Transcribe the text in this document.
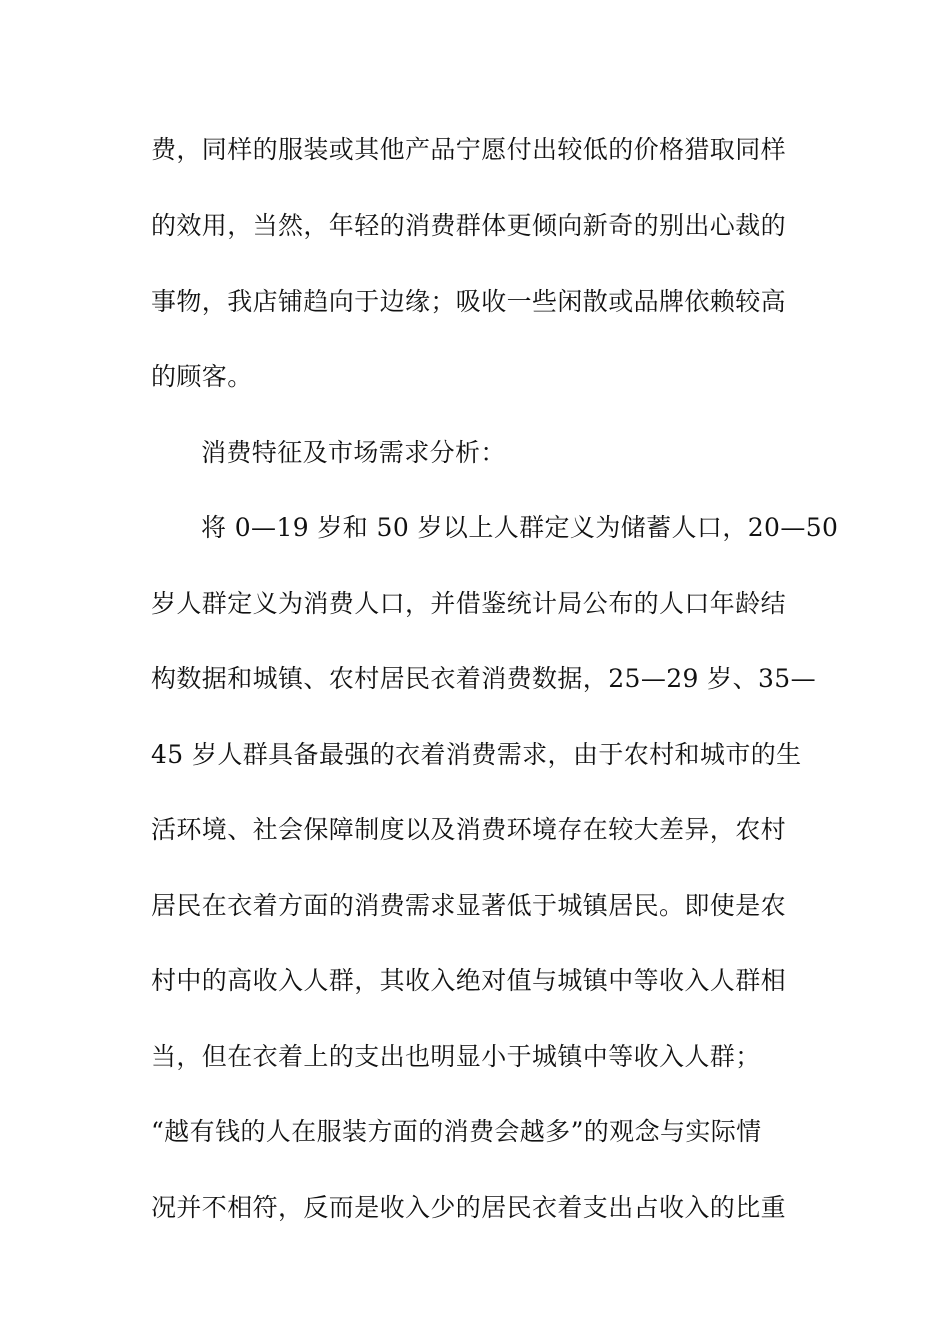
费，同样的服装或其他产品宁愿付出较低的价格猎取同样
的效用，当然，年轻的消费群体更倾向新奇的别出心裁的
事物，我店铺趋向于边缘；吸收一些闲散或品牌依赖较高
的顾客。
消费特征及市场需求分析：
将 0—19 岁和 50 岁以上人群定义为储蓄人口，20—50
岁人群定义为消费人口，并借鉴统计局公布的人口年龄结
构数据和城镇、农村居民衣着消费数据，25—29 岁、35—
45 岁人群具备最强的衣着消费需求，由于农村和城市的生
活环境、社会保障制度以及消费环境存在较大差异，农村
居民在衣着方面的消费需求显著低于城镇居民。即使是农
村中的高收入人群，其收入绝对值与城镇中等收入人群相
当，但在衣着上的支出也明显小于城镇中等收入人群；
“越有钱的人在服装方面的消费会越多”的观念与实际情
况并不相符，反而是收入少的居民衣着支出占收入的比重
